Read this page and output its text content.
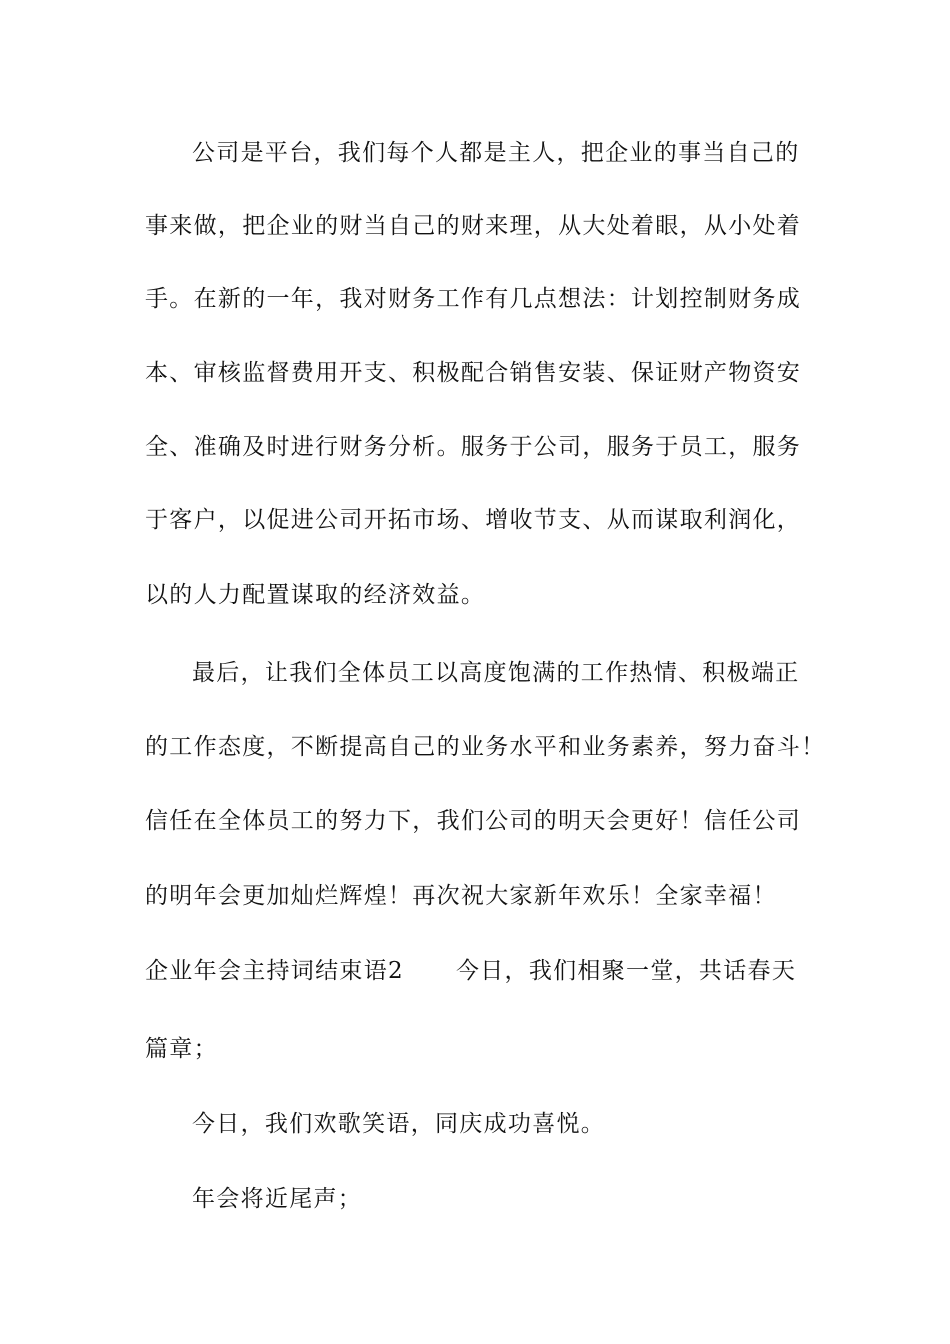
公司是平台，我们每个人都是主人，把企业的事当自己的
事来做，把企业的财当自己的财来理，从大处着眼，从小处着
手。在新的一年，我对财务工作有几点想法：计划控制财务成
本、审核监督费用开支、积极配合销售安装、保证财产物资安
全、准确及时进行财务分析。服务于公司，服务于员工，服务
于客户，以促进公司开拓市场、增收节支、从而谋取利润化，
以的人力配置谋取的经济效益。
最后，让我们全体员工以高度饱满的工作热情、积极端正
的工作态度，不断提高自己的业务水平和业务素养，努力奋斗！
信任在全体员工的努力下，我们公司的明天会更好！信任公司
的明年会更加灿烂辉煌！再次祝大家新年欢乐！全家幸福！
企业年会主持词结束语2 今日，我们相聚一堂，共话春天
篇章；
今日，我们欢歌笑语，同庆成功喜悦。
年会将近尾声；
